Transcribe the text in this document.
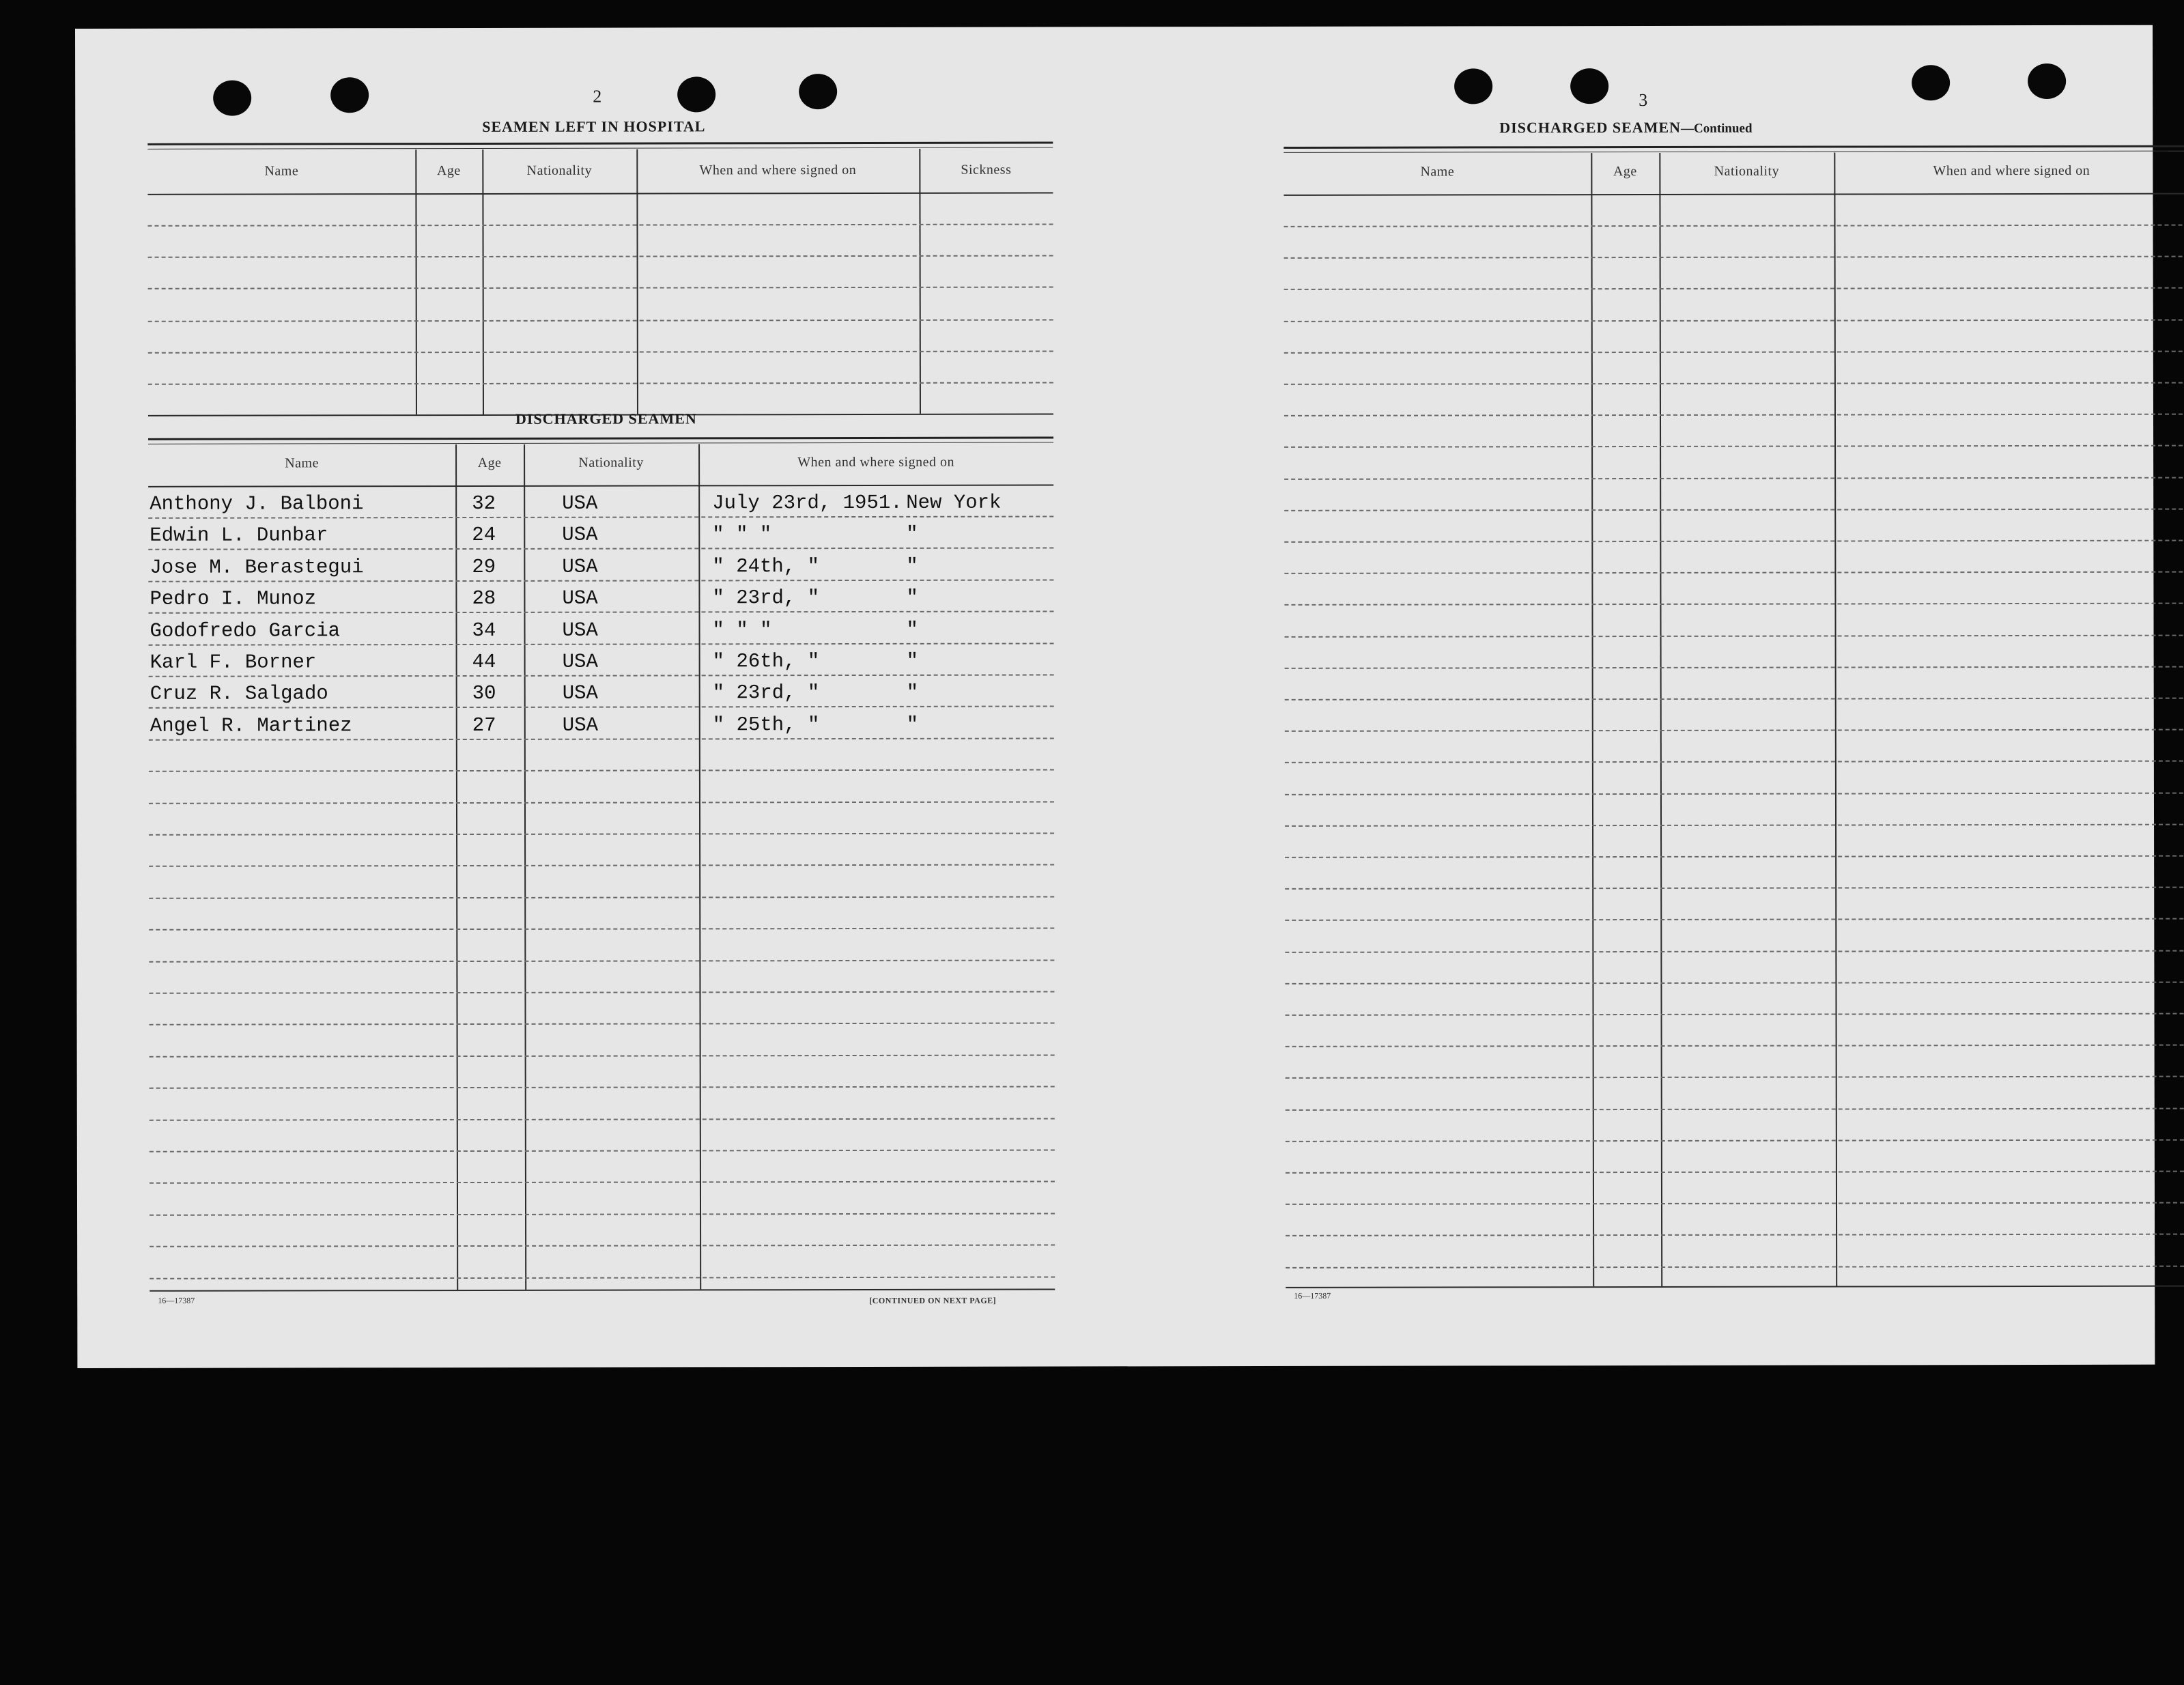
2
SEAMEN LEFT IN HOSPITAL
Name	Age	Nationality	When and where signed on	Sickness
DISCHARGED SEAMEN
Name	Age	Nationality	When and where signed on
Anthony J. Balboni	32	USA	July 23rd, 1951. New York
Edwin L. Dunbar	24	USA	" " "	"
Jose M. Berastegui	29	USA	" 24th, "	"
Pedro I. Munoz	28	USA	" 23rd, "	"
Godofredo Garcia	34	USA	" " "	"
Karl F. Borner	44	USA	" 26th, "	"
Cruz R. Salgado	30	USA	" 23rd, "	"
Angel R. Martinez	27	USA	" 25th, "	"
16—17387	[CONTINUED ON NEXT PAGE]
3
DISCHARGED SEAMEN—Continued
Name	Age	Nationality	When and where signed on
16—17387
